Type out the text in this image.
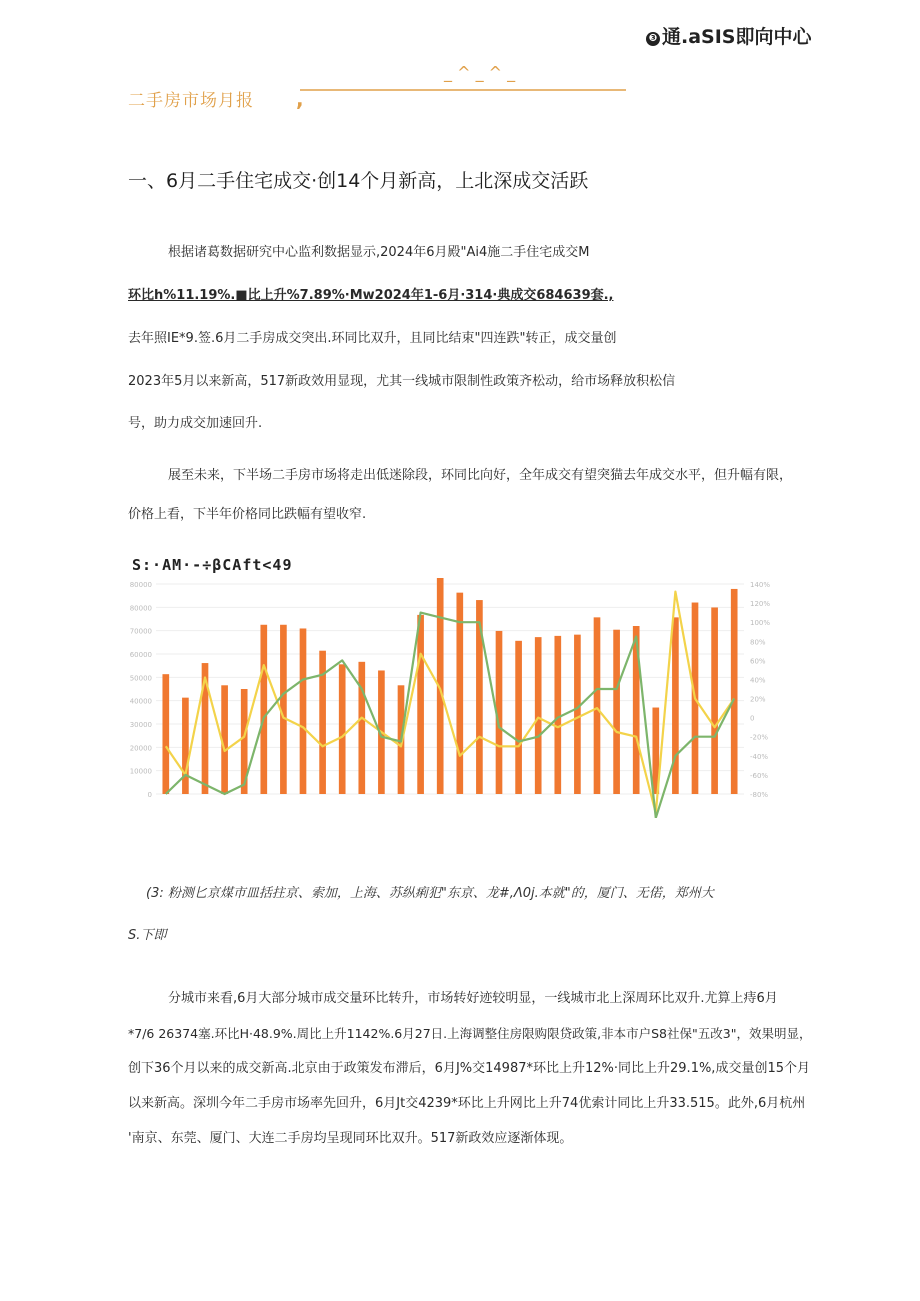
❸ 通.aSIS即向中心
二手房市场月报
_ ^ _ ^ _
,
一、6月二手住宅成交·创14个月新高，上北深成交活跃
根据诸葛数据研究中心监利数据显示,2024年6月殿"Ai4施二手住宅成交M
环比h%11.19%.■比上升%7.89%·Mw2024年1-6月·314·典成交684639套.,
去年照IE*9.签.6月二手房成交突出.环同比双升，且同比结束"四连跌"转正，成交量创
2023年5月以来新高，517新政效用显现，尤其一线城市限制性政策齐松动，给市场释放积松信
号，助力成交加速回升.
展至未来，下半场二手房市场将走出低迷除段，环同比向好，全年成交有望突猫去年成交水平，但升幅有限，
价格上看，下半年价格同比跌幅有望收窄.
S:·AM·-÷βCAft<49
80000
80000
70000
60000
50000
40000
30000
20000
10000
0
140%
120%
100%
80%
60%
40%
20%
0
-20%
-40%
-60%
-80%
(3: 粉测匕京煤市皿括拄京、索加，上海、苏纵痢犯"东京、龙#,Λ0j.本就"的，厦门、无偌，郑州大
S.下即
分城市来看,6月大部分城市成交量环比转升，市场转好迹较明显，一线城市北上深周环比双升.尤算上痔6月
*7/6 26374塞.环比H·48.9%.周比上升1142%.6月27日.上海调整住房限购限贷政策,非本市户S8社保"五改3"，效果明显，
创下36个月以来的成交新高.北京由于政策发布滞后，6月J%交14987*环比上升12%·同比上升29.1%,成交量创15个月
以来新高。深圳今年二手房市场率先回升，6月Jt交4239*环比上升网比上升74优索计同比上升33.515。此外,6月杭州
'南京、东莞、厦门、大连二手房均呈现同环比双升。517新政效应逐渐体现。
